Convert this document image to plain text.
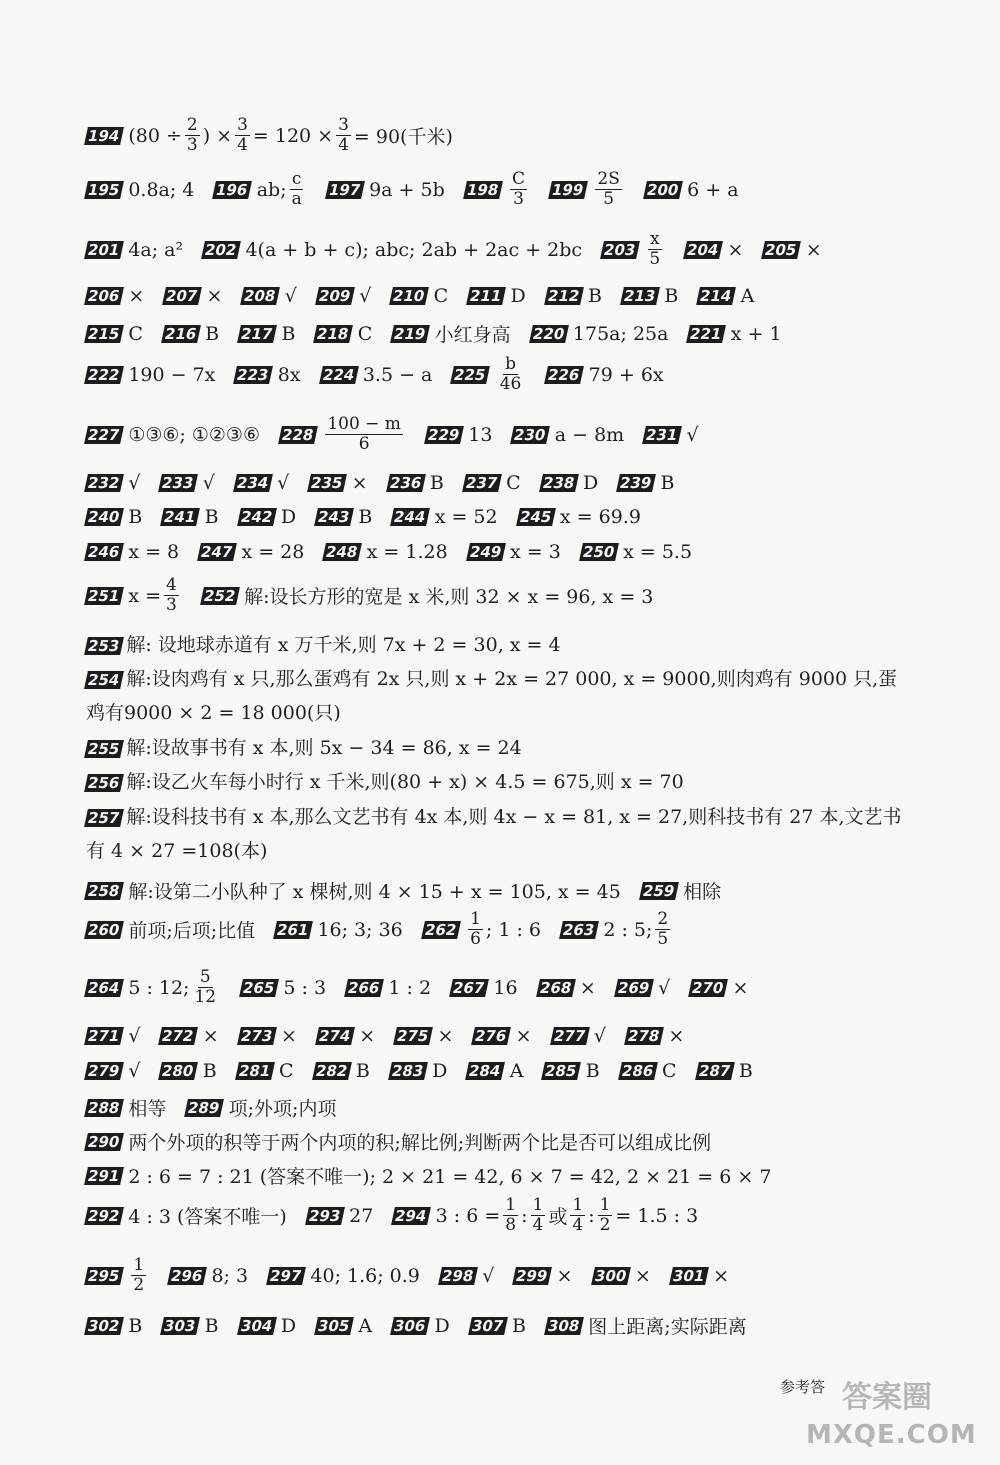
194 ($80 \div \frac{2}{3}$ ) × $\frac{3}{4} = 120 \times \frac{3}{4} = 90$(千米)
195 0.8a; 4 196 ab; $\frac{c}{a} 197$ 9a + 5b $198 \frac{C}{3} 199 \frac{2S}{5} 200$ 6 + a
201 4a; a² 202 4(a + b + c); abc; 2ab + 2ac + 2bc $203 \frac{x}{5} 204 \times 205$ ×
206 × 207 × 208 √ 209 √ 210 C 211 D 212 B 213 B 214 A
215 C 216 B 217 B 218 C 219 小红身高 220 175a; 25a 221 x + 1
222 190 − 7x 223 8x 224 3.5 − a $225 \frac{b}{46} 226$ 79 + 6x
227 ①③⑥; ①②③⑥ $228 \frac{100 - m}{6} 229$ 13 230 a − 8m 231 √
232 √ 233 √ 234 √ 235 × 236 B 237 C 238 D 239 B
240 B 241 B 242 D 243 B 244 x = 52 245 x = 69.9
246 x = 8 247 x = 28 248 x = 1.28 249 x = 3 250 x = 5.5
251 $x = \frac{4}{3} 252$ 解:设长方形的宽是 x 米,则 32 × x = 96, x = 3
253 解: 设地球赤道有 x 万千米,则 7x + 2 = 30, x = 4
254 解:设肉鸡有 x 只,那么蛋鸡有 2x 只,则 x + 2x = 27 000, x = 9000,则肉鸡有 9000 只,蛋鸡有9000 × 2 = 18 000(只)
255 解:设故事书有 x 本,则 5x − 34 = 86, x = 24
256 解:设乙火车每小时行 x 千米,则(80 + x) × 4.5 = 675,则 x = 70
257 解:设科技书有 x 本,那么文艺书有 4x 本,则 4x − x = 81, x = 27,则科技书有 27 本,文艺书有 4 × 27 =108(本)
258 解:设第二小队种了 x 棵树,则 4 × 15 + x = 105, x = 45 259 相除
260 前项;后项;比值 261 16; 3; 36 $262 \frac{1}{6}$ ; 1 : 6 263 2 : 5; $\frac{2}{5}$
264 5 : 12; $\frac{5}{12} 265$ 5 : 3 266 1 : 2 267 16 268 × 269 √ 270 ×
271 √ 272 × 273 × 274 × 275 × 276 × 277 √ 278 ×
279 √ 280 B 281 C 282 B 283 D 284 A 285 B 286 C 287 B
288 相等 289 项;外项;内项
290 两个外项的积等于两个内项的积;解比例;判断两个比是否可以组成比例
291 2 : 6 = 7 : 21 (答案不唯一); 2 × 21 = 42, 6 × 7 = 42, 2 × 21 = 6 × 7
292 4 : 3 (答案不唯一) 293 27 294 3 : $6 = \frac{1}{8}$ : $\frac{1}{4}$ 或 $\frac{1}{4}$ : $\frac{1}{2} = 1.5$ : 3
$295 \frac{1}{2} 296$ 8; 3 297 40; 1.6; 0.9 298 √ 299 × 300 × 301 ×
302 B 303 B 304 D 305 A 306 D 307 B 308 图上距离;实际距离
参考答 答案圈
MXQE.COM
